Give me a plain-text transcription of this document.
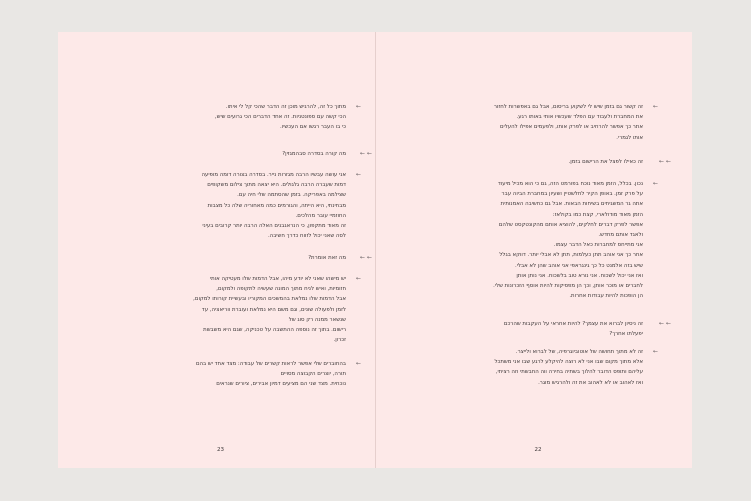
מתוך כל זה, להרגיש מוכן זה הדבר שהכי קל לי איתו.

הכי קשה עם ספונטניות. זה אחד הדברים הכי גרועים שיש,

כי בו העבר רגשו אם העכשיו.

←

מה קורה בסדרה סבהמגזין? ← ←

אני עושה עבשיו הרבה מגזרות נייר. בסדרה בצורה דומה מופיעה

דמות שעברה הרבה גלגולים. היא יצאה מתוך צילום משקופים

שצילמה באפריקה. בזמן שהסתמה שלי חיה עם.

מבחינתי, היא הייתה, והגורמים כמה מאחוריה שלה כל מצבות

החוזמיי עובר מהלכים.

זה מאוד מתקפון, כי הנראגבנים האלה הרבה יותר קרובים בעיני

לסה שאני יכול לזווח כדרך חשיבה.

←

מה זאת אומרת? ← ←

יש מישהו שאני לא יודע מיהו, אבל הדמות שלו מעטיקה אותי

חזומיות, ואיש לניח מתוך המונה שעשיה לתקופה ולמקום,

אבל הדמות שלו נמלאת בהמשכים המקוריו ובעשיית קורותו למקום,

לזמן ולפעולה שונים, וגם משם היא נמלאת ועוברת ווריאציה, עד

שנשאר ממנה רק סוג של

רישום. בתוך זה נוספה ההתשבה על טכניקה, שגם היא משבשת

זכרון.

←

בהחוברים שלי אפשר לראות קשרים של עבודה: מצד אחד יש בהם

תורה, יוצרים הקבוצה מסויים

נוכחית. מצד שני הם מציעים דמיון אבירים, ציורים שנראים

←
23

זה קשור גם בזמן שיש לי לשקוע בריסום, אבל גם באפשרות לחזור

את המחברת ולעבוד עם הפלד שעכשיו אותי באותו רגע.

אתר כך אפשר להרחיב או לפרק אותו, ולפעמים אפילו להעלים

אותו לגמרי.

←

זה כאילו לפצל את הרישום בזמן.	← ←

נכון. בכלל, הזמן מאוד נוכח בפורמט הזה, גם כי הוא מכיל מיעוד

על פרק זמן. באופן הקיר לחלשטיין ושעיון במחברת הביוה עבר

אתה גר המשגיחים בשיחות הבאות. אבל גם כחשיבה האמנותית

הזמן מאוד מודולארי, קצת כמו בקולאז:

אפשר לפרק דברים לחלקים, להוציא אותם מהקונטקסט שלהם

ולאגד אותם מחדש.

אני מתייחס למחברות כאל הדבר עצמו.

אחר כך אני אוהב תתן כעלמות, תתן לא אבלי יותר. דווקא בגלל

שיש בזה אלמנט כל כך גינגראפי אני אוהב שהן לא אבלי.

ואז אני יכול לשכוח. אני נורא טוב בלשכוח. אני נותן אותן

לחברים או מוכר אותן, וכך הן מפסיקות להיות אוסף הזכרונות שלי.

הן הופכות להיות עבודות אחרות.

←

זה ניסיון לברוא את עצמך? להיות אחראי על העקבות שהרכם

יפעלתו אחרך?

← ←

זה לא מתוך תחושה של אוטוביוגרפיה, של לברוא ולייצר.

אלא מתוך מקום שבו אני לא רוצה להיקלע לרגע שבו אני משתכל

עליהם ותופס הדובר להלוך בשתיה בחירה ווה החבשתי וזה רציתי,

ואז לאהוב או לא לאהוב את זה ולהרגיש מוגר.

←
22
